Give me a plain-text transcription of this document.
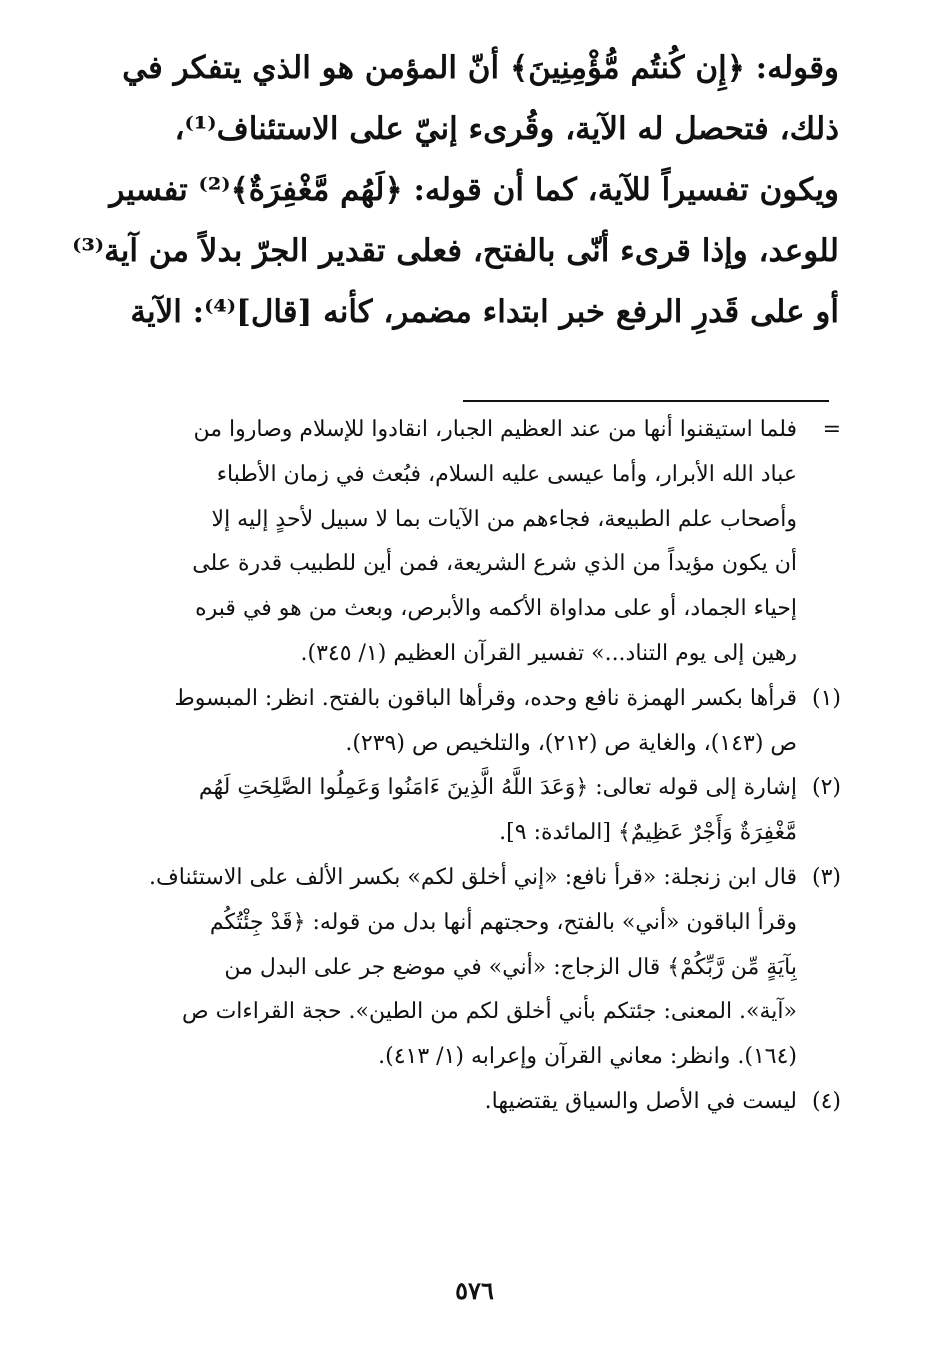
وقوله: ﴿إِن كُنتُم مُّؤْمِنِينَ﴾ أنّ المؤمن هو الذي يتفكر في
ذلك، فتحصل له الآية، وقُرىء إنيّ على الاستئناف⁽¹⁾،
ويكون تفسيراً للآية، كما أن قوله: ﴿لَهُم مَّغْفِرَةٌ﴾⁽²⁾ تفسير
للوعد، وإذا قرىء أنّى بالفتح، فعلى تقدير الجرّ بدلاً من آية⁽³⁾
أو على قَدرِ الرفع خبر ابتداء مضمر، كأنه [قال]⁽⁴⁾: الآية
=
فلما استيقنوا أنها من عند العظيم الجبار، انقادوا للإسلام وصاروا من
عباد الله الأبرار، وأما عيسى عليه السلام، فبُعث في زمان الأطباء
وأصحاب علم الطبيعة، فجاءهم من الآيات بما لا سبيل لأحدٍ إليه إلا
أن يكون مؤيداً من الذي شرع الشريعة، فمن أين للطبيب قدرة على
إحياء الجماد، أو على مداواة الأكمه والأبرص، وبعث من هو في قبره
رهين إلى يوم التناد...» تفسير القرآن العظيم (١/ ٣٤٥).
(١)
قرأها بكسر الهمزة نافع وحده، وقرأها الباقون بالفتح. انظر: المبسوط
ص (١٤٣)، والغاية ص (٢١٢)، والتلخيص ص (٢٣٩).
(٢)
إشارة إلى قوله تعالى: ﴿وَعَدَ اللَّهُ الَّذِينَ ءَامَنُوا وَعَمِلُوا الصَّلِحَتِ لَهُم
مَّغْفِرَةٌ وَأَجْرٌ عَظِيمٌ﴾ [المائدة: ٩].
(٣)
قال ابن زنجلة: «قرأ نافع: «إني أخلق لكم» بكسر الألف على الاستئناف.
وقرأ الباقون «أني» بالفتح، وحجتهم أنها بدل من قوله: ﴿قَدْ جِئْتُكُم
بِآيَةٍ مِّن رَّبِّكُمْ﴾ قال الزجاج: «أني» في موضع جر على البدل من
«آية». المعنى: جئتكم بأني أخلق لكم من الطين». حجة القراءات ص
(١٦٤). وانظر: معاني القرآن وإعرابه (١/ ٤١٣).
(٤)
ليست في الأصل والسياق يقتضيها.
٥٧٦
